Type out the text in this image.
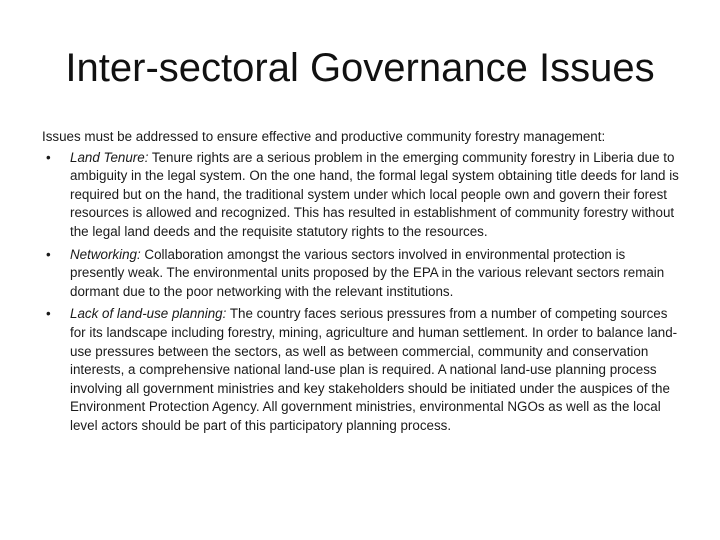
Inter-sectoral Governance Issues

Issues must be addressed to ensure effective and productive community forestry management:

•	Land Tenure: Tenure rights are a serious problem in the emerging community forestry in Liberia due to ambiguity in the legal system. On the one hand, the formal legal system obtaining title deeds for land is required but on the hand, the traditional system under which local people own and govern their forest resources is allowed and recognized. This has resulted in establishment of community forestry without the legal land deeds and the requisite statutory rights to the resources.
•	Networking: Collaboration amongst the various sectors involved in environmental protection is presently weak. The environmental units proposed by the EPA in the various relevant sectors remain dormant due to the poor networking with the relevant institutions.
•	Lack of land-use planning: The country faces serious pressures from a number of competing sources for its landscape including forestry, mining, agriculture and human settlement. In order to balance land-use pressures between the sectors, as well as between commercial, community and conservation interests, a comprehensive national land-use plan is required. A national land-use planning process involving all government ministries and key stakeholders should be initiated under the auspices of the Environment Protection Agency. All government ministries, environmental NGOs as well as the local level actors should be part of this participatory planning process.
